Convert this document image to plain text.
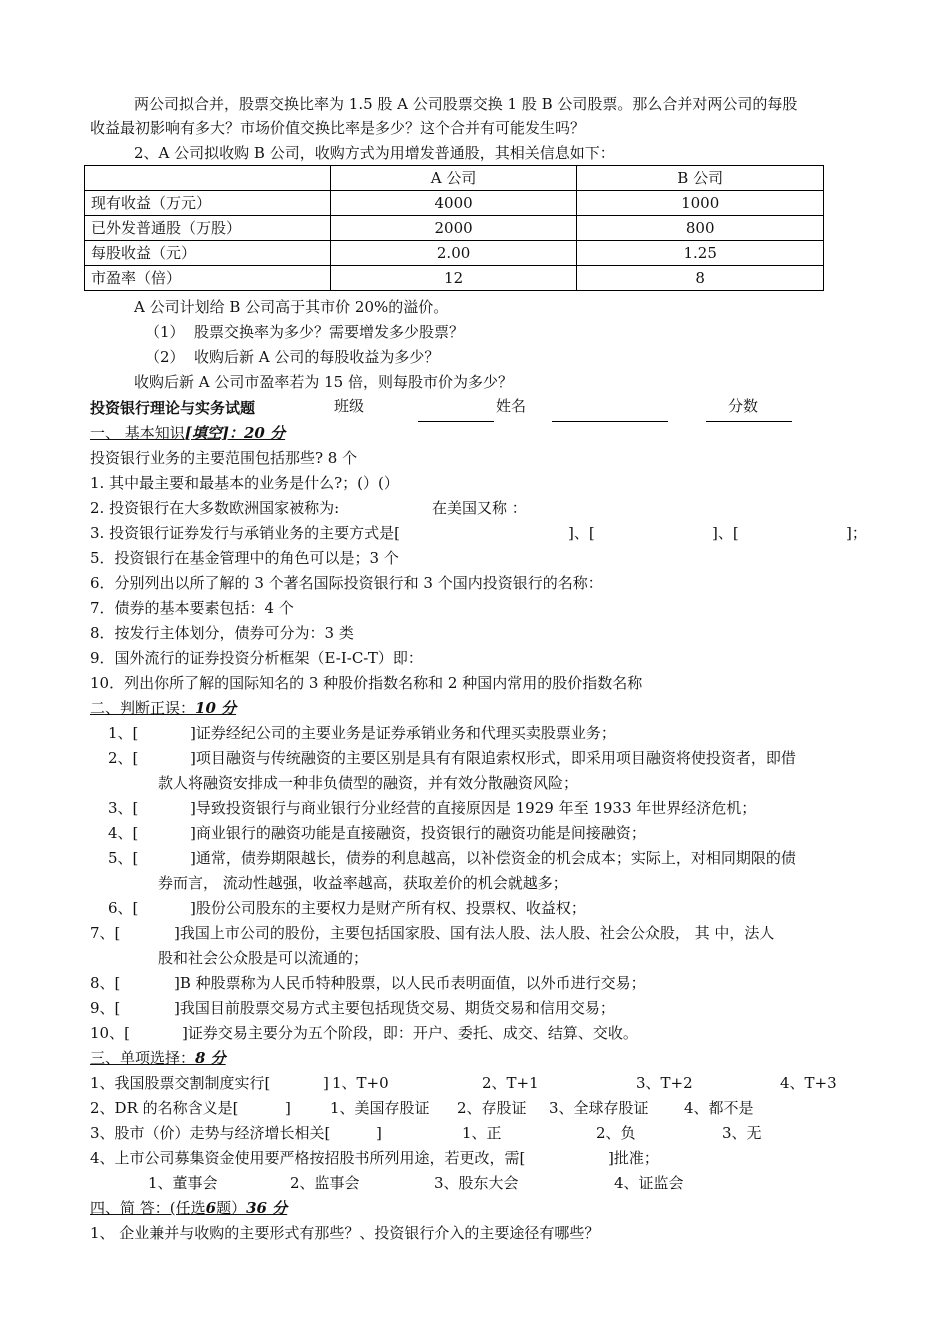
两公司拟合并，股票交换比率为 1.5 股 A 公司股票交换 1 股 B 公司股票。那么合并对两公司的每股
收益最初影响有多大？市场价值交换比率是多少？这个合并有可能发生吗？
2、A 公司拟收购 B 公司，收购方式为用增发普通股，其相关信息如下：
	A 公司	B 公司
现有收益（万元）	4000	1000
已外发普通股（万股）	2000	800
每股收益（元）	2.00	1.25
市盈率（倍）	12	8
A 公司计划给 B 公司高于其市价 20%的溢价。
（1） 股票交换率为多少？需要增发多少股票？
（2） 收购后新 A 公司的每股收益为多少？
收购后新 A 公司市盈率若为 15 倍，则每股市价为多少？
投资银行理论与实务试题	班级	姓名	分数
一、 基本知识[填空]：20 分
投资银行业务的主要范围包括那些? 8 个
1. 其中最主要和最基本的业务是什么?；(）(）
2. 投资银行在大多数欧洲国家被称为:	在美国又称 ：
3. 投资银行证券发行与承销业务的主要方式是[	]、[	]、[	]；
5．投资银行在基金管理中的角色可以是；3 个
6．分别列出以所了解的 3 个著名国际投资银行和 3 个国内投资银行的名称：
7．债券的基本要素包括：4 个
8．按发行主体划分，债券可分为：3 类
9．国外流行的证券投资分析框架（E-I-C-T）即：
10．列出你所了解的国际知名的 3 种股价指数名称和 2 种国内常用的股价指数名称
二、判断正误：10 分
1、[	]证券经纪公司的主要业务是证券承销业务和代理买卖股票业务；
2、[	]项目融资与传统融资的主要区别是具有有限追索权形式，即采用项目融资将使投资者，即借
款人将融资安排成一种非负债型的融资，并有效分散融资风险；
3、[	]导致投资银行与商业银行分业经营的直接原因是 1929 年至 1933 年世界经济危机；
4、[	]商业银行的融资功能是直接融资，投资银行的融资功能是间接融资；
5、[	]通常，债券期限越长，债券的利息越高，以补偿资金的机会成本；实际上，对相同期限的债
券而言， 流动性越强，收益率越高，获取差价的机会就越多；
6、[	]股份公司股东的主要权力是财产所有权、投票权、收益权；
7、[	]我国上市公司的股份，主要包括国家股、国有法人股、法人股、社会公众股， 其 中，法人
股和社会公众股是可以流通的；
8、[	]B 种股票称为人民币特种股票，以人民币表明面值，以外币进行交易；
9、[	]我国目前股票交易方式主要包括现货交易、期货交易和信用交易；
10、[	]证券交易主要分为五个阶段，即：开户、委托、成交、结算、交收。
三、单项选择：8 分
1、我国股票交割制度实行[	] 1、T+0	2、T+1	3、T+2	4、T+3
2、DR 的名称含义是[	]	1、美国存股证 2、存股证 3、全球存股证 4、都不是
3、股市（价）走势与经济增长相关[	]	1、正	2、负	3、无
4、上市公司募集资金使用要严格按招股书所列用途，若更改，需[	]批准；
1、董事会	2、监事会	3、股东大会	4、证监会
四、简 答：(任选6题）36 分
1、 企业兼并与收购的主要形式有那些？、投资银行介入的主要途径有哪些？
